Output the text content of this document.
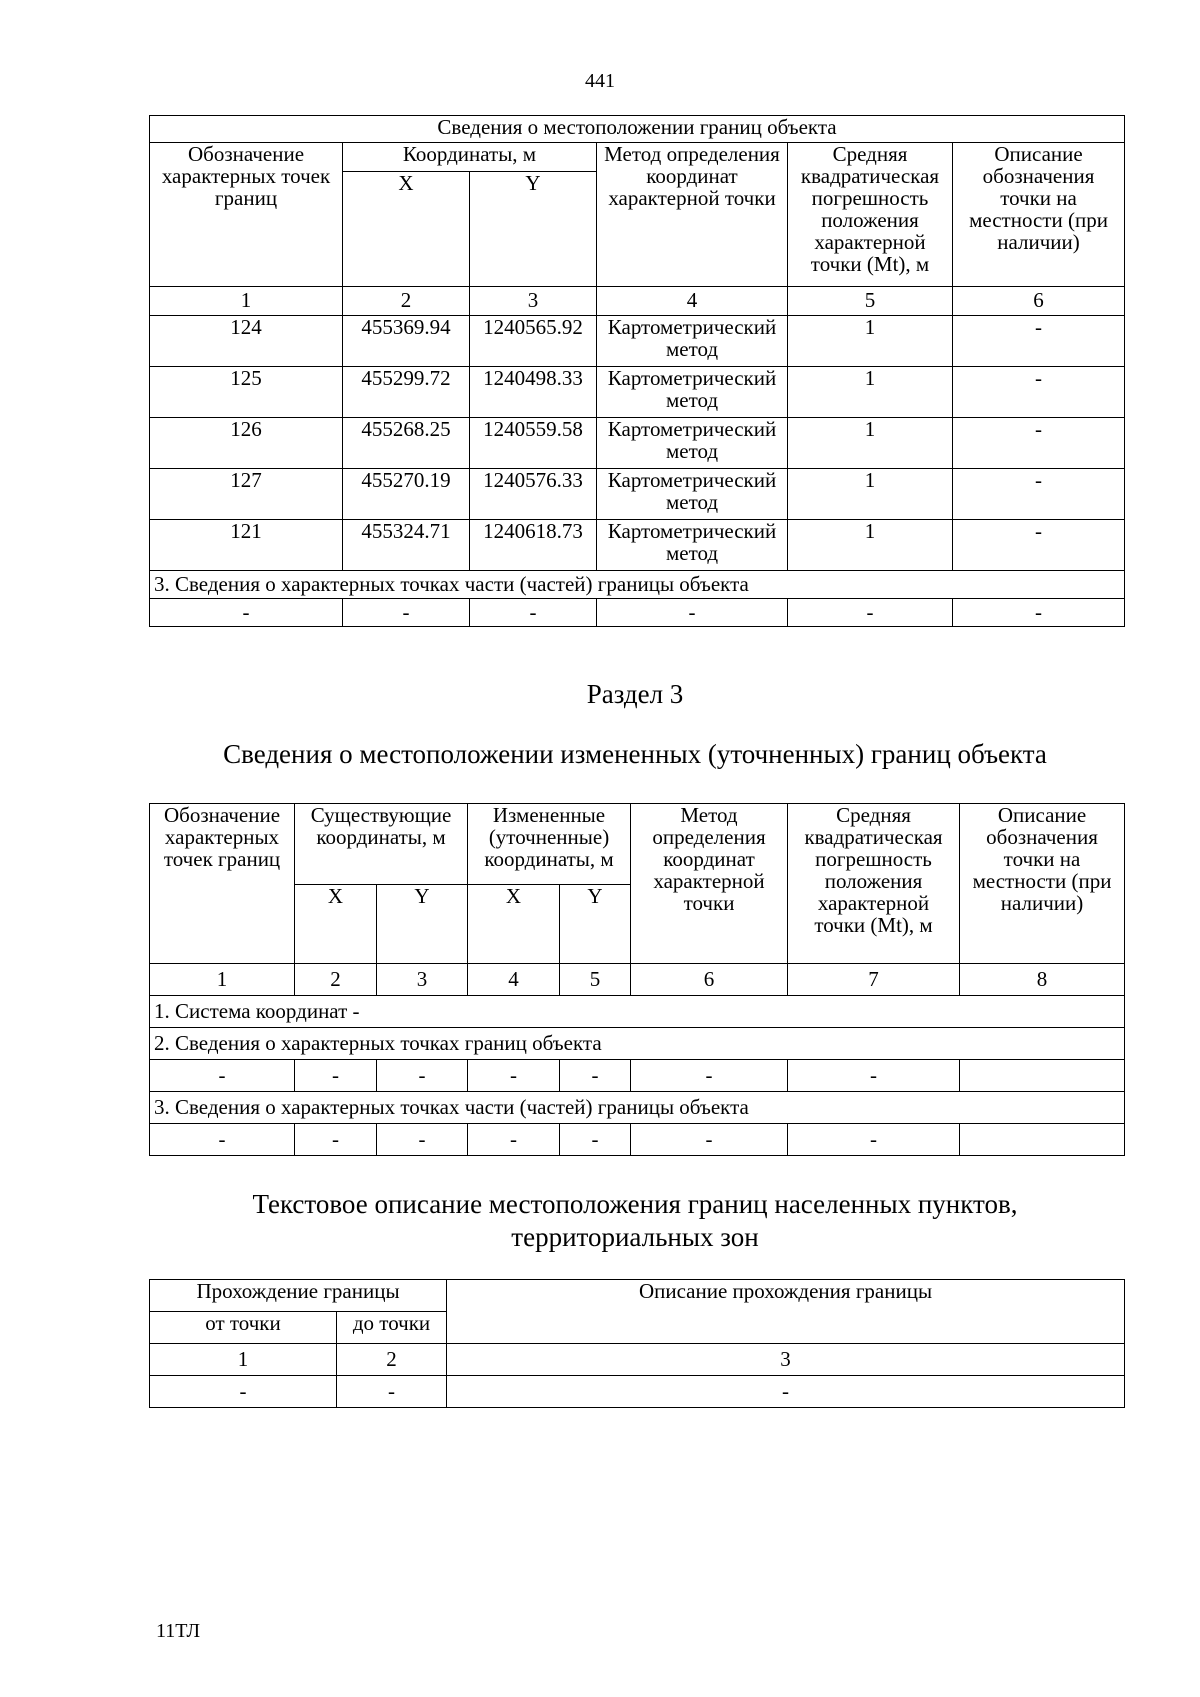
441
Сведения о местоположении границ объекта					
Обозначение характерных точек границ	Координаты, м		Метод определения координат характерной точки	Средняя квадратическая погрешность положения характерной точки (Mt), м	Описание обозначения точки на местности (при наличии)
	X	Y			
1	2	3	4	5	6
124	455369.94	1240565.92	Картометрический метод	1	-
125	455299.72	1240498.33	Картометрический метод	1	-
126	455268.25	1240559.58	Картометрический метод	1	-
127	455270.19	1240576.33	Картометрический метод	1	-
121	455324.71	1240618.73	Картометрический метод	1	-
3. Сведения о характерных точках части (частей) границы объекта					
-	-	-	-	-	-
Раздел 3
Сведения о местоположении измененных (уточненных) границ объекта
Обозначение характерных точек границ	Существующие координаты, м		Измененные (уточненные) координаты, м		Метод определения координат характерной точки	Средняя квадратическая погрешность положения характерной точки (Mt), м	Описание обозначения точки на местности (при наличии)
	X	Y	X	Y			
1	2	3	4	5	6	7	8
1. Система координат -							
2. Сведения о характерных точках границ объекта							
-	-	-	-	-	-	-	
3. Сведения о характерных точках части (частей) границы объекта							
-	-	-	-	-	-	-	
Текстовое описание местоположения границ населенных пунктов,
территориальных зон
Прохождение границы		Описание прохождения границы
от точки	до точки	
1	2	3
-	-	-
11ТЛ
